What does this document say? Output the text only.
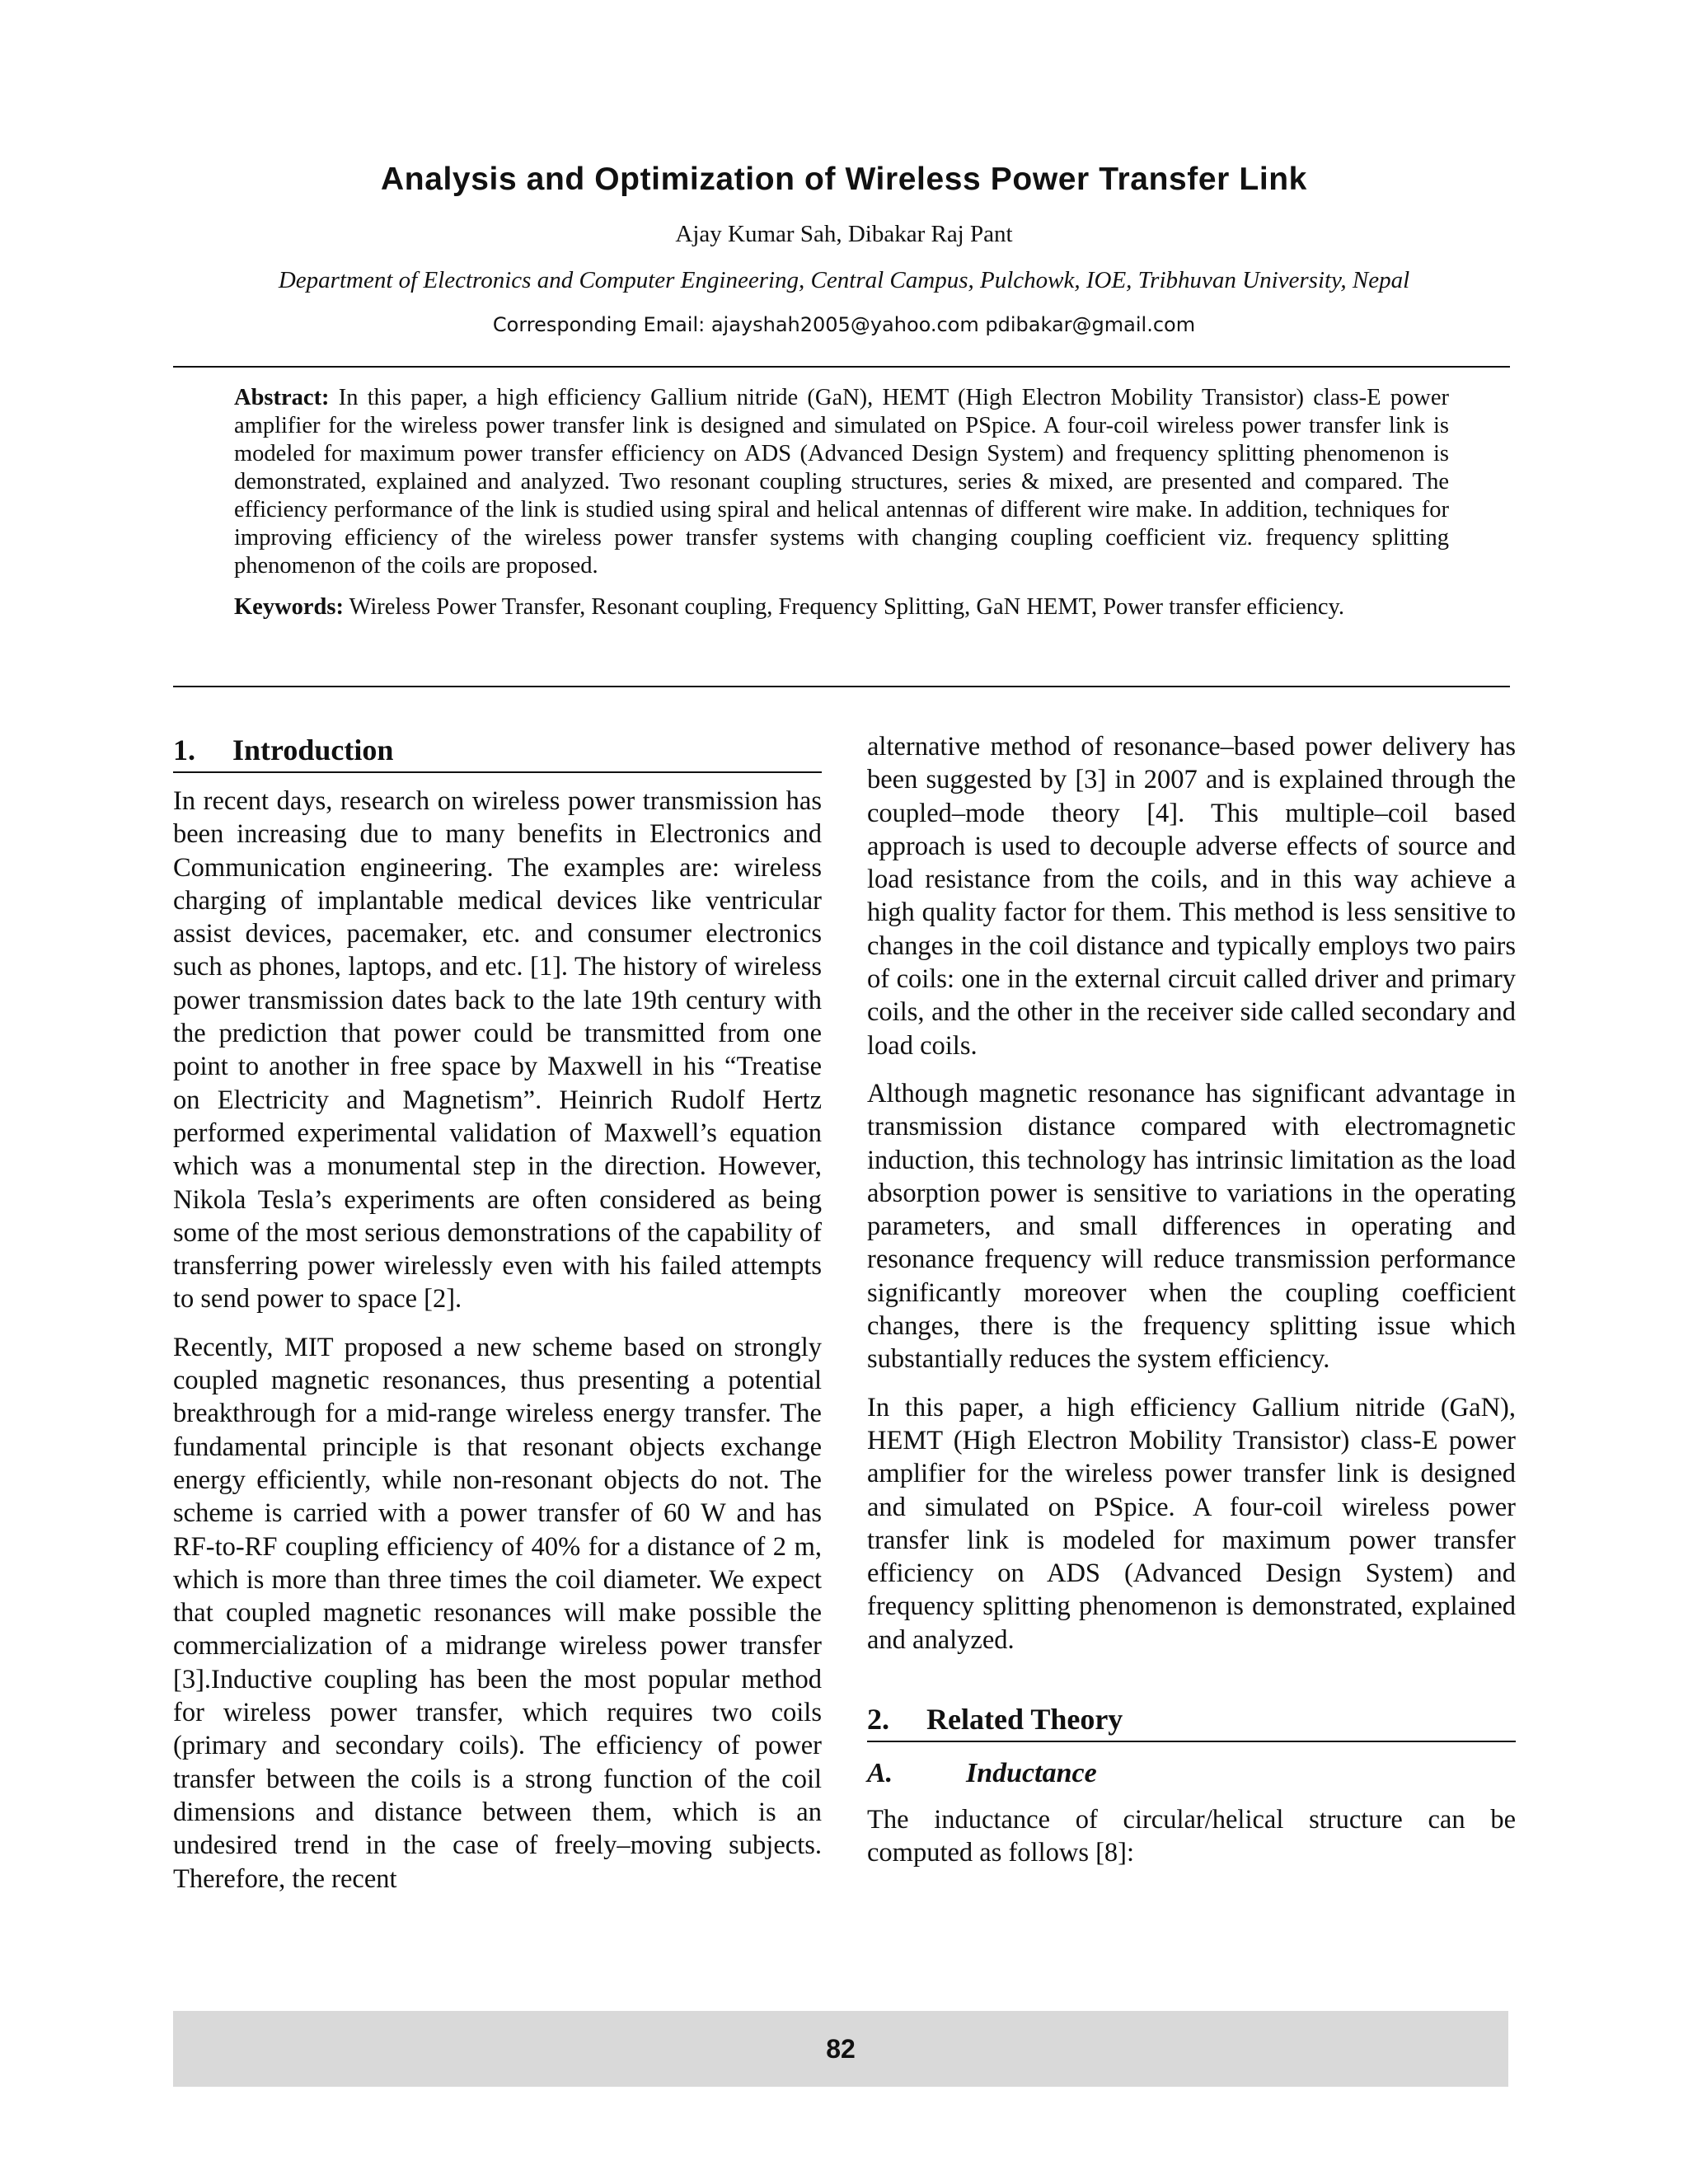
Analysis and Optimization of Wireless Power Transfer Link
Ajay Kumar Sah, Dibakar Raj Pant
Department of Electronics and Computer Engineering, Central Campus, Pulchowk, IOE, Tribhuvan University, Nepal
Corresponding Email: ajayshah2005@yahoo.com pdibakar@gmail.com

Abstract: In this paper, a high efficiency Gallium nitride (GaN), HEMT (High Electron Mobility Transistor) class-E power amplifier for the wireless power transfer link is designed and simulated on PSpice. A four-coil wireless power transfer link is modeled for maximum power transfer efficiency on ADS (Advanced Design System) and frequency splitting phenomenon is demonstrated, explained and analyzed. Two resonant coupling structures, series & mixed, are presented and compared. The efficiency performance of the link is studied using spiral and helical antennas of different wire make. In addition, techniques for improving efficiency of the wireless power transfer systems with changing coupling coefficient viz. frequency splitting phenomenon of the coils are proposed.

Keywords: Wireless Power Transfer, Resonant coupling, Frequency Splitting, GaN HEMT, Power transfer efficiency.

1. Introduction

In recent days, research on wireless power transmission has been increasing due to many benefits in Electronics and Communication engineering. The examples are: wireless charging of implantable medical devices like ventricular assist devices, pacemaker, etc. and consumer electronics such as phones, laptops, and etc. [1]. The history of wireless power transmission dates back to the late 19th century with the prediction that power could be transmitted from one point to another in free space by Maxwell in his “Treatise on Electricity and Magnetism”. Heinrich Rudolf Hertz performed experimental validation of Maxwell’s equation which was a monumental step in the direction. However, Nikola Tesla’s experiments are often considered as being some of the most serious demonstrations of the capability of transferring power wirelessly even with his failed attempts to send power to space [2].

Recently, MIT proposed a new scheme based on strongly coupled magnetic resonances, thus presenting a potential breakthrough for a mid-range wireless energy transfer. The fundamental principle is that resonant objects exchange energy efficiently, while non-resonant objects do not. The scheme is carried with a power transfer of 60 W and has RF-to-RF coupling efficiency of 40% for a distance of 2 m, which is more than three times the coil diameter. We expect that coupled magnetic resonances will make possible the commercialization of a midrange wireless power transfer [3].Inductive coupling has been the most popular method for wireless power transfer, which requires two coils (primary and secondary coils). The efficiency of power transfer between the coils is a strong function of the coil dimensions and distance between them, which is an undesired trend in the case of freely–moving subjects. Therefore, the recent

alternative method of resonance–based power delivery has been suggested by [3] in 2007 and is explained through the coupled–mode theory [4]. This multiple–coil based approach is used to decouple adverse effects of source and load resistance from the coils, and in this way achieve a high quality factor for them. This method is less sensitive to changes in the coil distance and typically employs two pairs of coils: one in the external circuit called driver and primary coils, and the other in the receiver side called secondary and load coils.

Although magnetic resonance has significant advantage in transmission distance compared with electromagnetic induction, this technology has intrinsic limitation as the load absorption power is sensitive to variations in the operating parameters, and small differences in operating and resonance frequency will reduce transmission performance significantly moreover when the coupling coefficient changes, there is the frequency splitting issue which substantially reduces the system efficiency.

In this paper, a high efficiency Gallium nitride (GaN), HEMT (High Electron Mobility Transistor) class-E power amplifier for the wireless power transfer link is designed and simulated on PSpice. A four-coil wireless power transfer link is modeled for maximum power transfer efficiency on ADS (Advanced Design System) and frequency splitting phenomenon is demonstrated, explained and analyzed.

2. Related Theory
A.	Inductance

The inductance of circular/helical structure can be computed as follows [8]:

82
